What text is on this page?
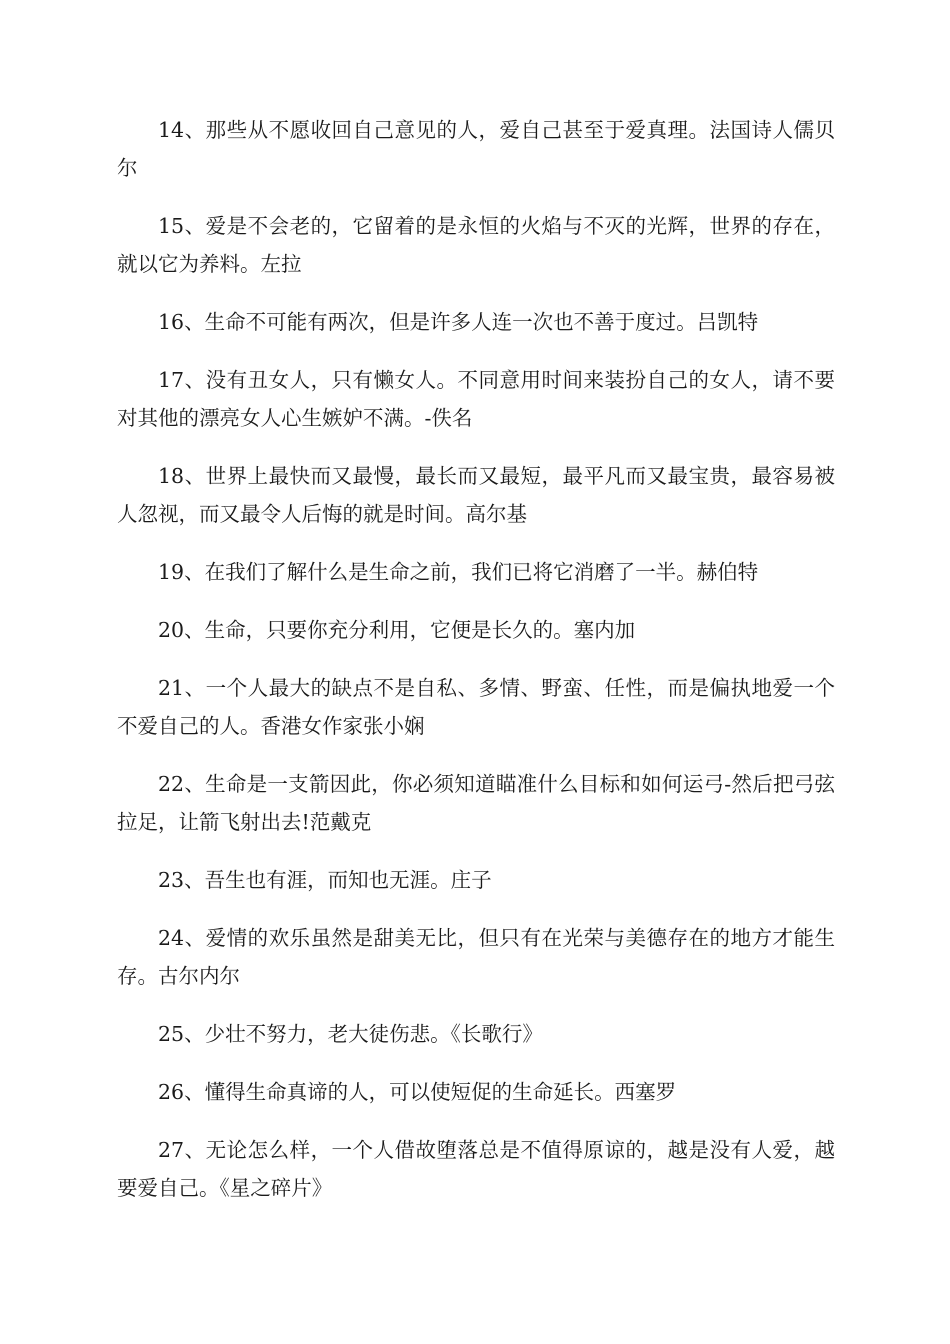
14、那些从不愿收回自己意见的人，爱自己甚至于爱真理。法国诗人儒贝尔

15、爱是不会老的，它留着的是永恒的火焰与不灭的光辉，世界的存在，就以它为养料。左拉

16、生命不可能有两次，但是许多人连一次也不善于度过。吕凯特

17、没有丑女人，只有懒女人。不同意用时间来装扮自己的女人，请不要对其他的漂亮女人心生嫉妒不满。-佚名

18、世界上最快而又最慢，最长而又最短，最平凡而又最宝贵，最容易被人忽视，而又最令人后悔的就是时间。高尔基

19、在我们了解什么是生命之前，我们已将它消磨了一半。赫伯特

20、生命，只要你充分利用，它便是长久的。塞内加

21、一个人最大的缺点不是自私、多情、野蛮、任性，而是偏执地爱一个不爱自己的人。香港女作家张小娴

22、生命是一支箭因此，你必须知道瞄准什么目标和如何运弓-然后把弓弦拉足，让箭飞射出去!范戴克

23、吾生也有涯，而知也无涯。庄子

24、爱情的欢乐虽然是甜美无比，但只有在光荣与美德存在的地方才能生存。古尔内尔

25、少壮不努力，老大徒伤悲。《长歌行》

26、懂得生命真谛的人，可以使短促的生命延长。西塞罗

27、无论怎么样，一个人借故堕落总是不值得原谅的，越是没有人爱，越要爱自己。《星之碎片》
